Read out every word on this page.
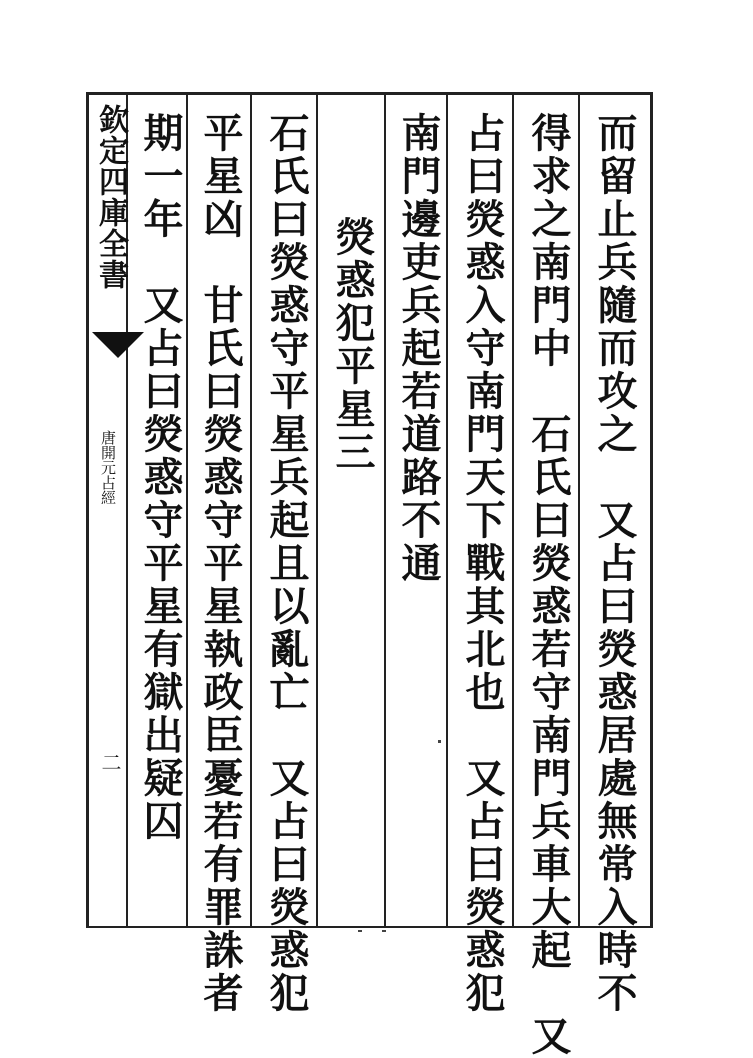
欽定四庫全書
唐開元占經
二	而留止兵隨而攻之　又占曰熒惑居處無常入時不
得求之南門中　石氏曰熒惑若守南門兵車大起　又
占曰熒惑入守南門天下戰其北也　又占曰熒惑犯
南門邊吏兵起若道路不通
熒惑犯平星三
石氏曰熒惑守平星兵起且以亂亡　又占曰熒惑犯
平星凶　甘氏曰熒惑守平星執政臣憂若有罪誅者
期一年　又占曰熒惑守平星有獄出疑囚
